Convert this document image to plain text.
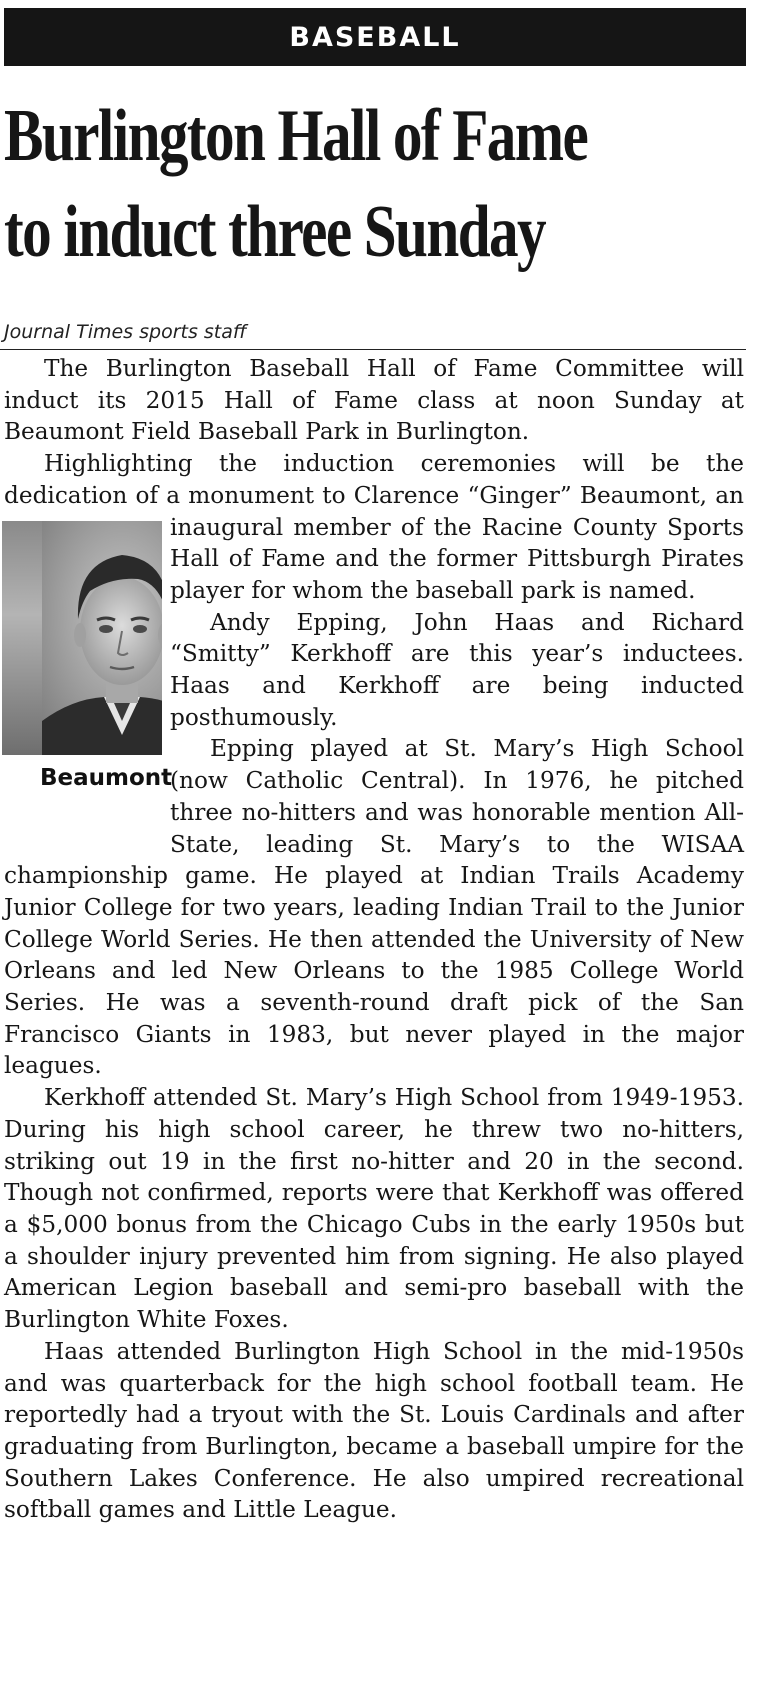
BASEBALL
Burlington Hall of Fame
to induct three Sunday
Journal Times sports staff

The Burlington Baseball Hall of Fame Committee will induct its 2015 Hall of Fame class at noon Sunday at Beaumont Field Baseball Park in Burlington.

Highlighting the induction ceremonies will be the dedication of a monument to Clarence “Ginger” Beaumont, an inaugural member of the Racine County Sports
Beaumont
Hall of Fame and the former Pittsburgh Pirates player for whom the baseball park is named.

Andy Epping, John Haas and Richard “Smitty” Kerkhoff are this year’s inductees. Haas and Kerkhoff are being inducted posthumously.

Epping played at St. Mary’s High School (now Catholic Central). In 1976, he pitched three no-hitters and was honorable mention All-State, leading St. Mary’s to the WISAA championship game. He played at Indian Trails Academy Junior College for two years, leading Indian Trail to the Junior College World Series. He then attended the University of New Orleans and led New Orleans to the 1985 College World Series. He was a seventh-round draft pick of the San Francisco Giants in 1983, but never played in the major leagues.

Kerkhoff attended St. Mary’s High School from 1949-1953. During his high school career, he threw two no-hitters, striking out 19 in the first no-hitter and 20 in the second. Though not confirmed, reports were that Kerkhoff was offered a $5,000 bonus from the Chicago Cubs in the early 1950s but a shoulder injury prevented him from signing. He also played American Legion baseball and semi-pro baseball with the Burlington White Foxes.

Haas attended Burlington High School in the mid-1950s and was quarterback for the high school football team. He reportedly had a tryout with the St. Louis Cardinals and after graduating from Burlington, became a baseball umpire for the Southern Lakes Conference. He also umpired recreational softball games and Little League.
